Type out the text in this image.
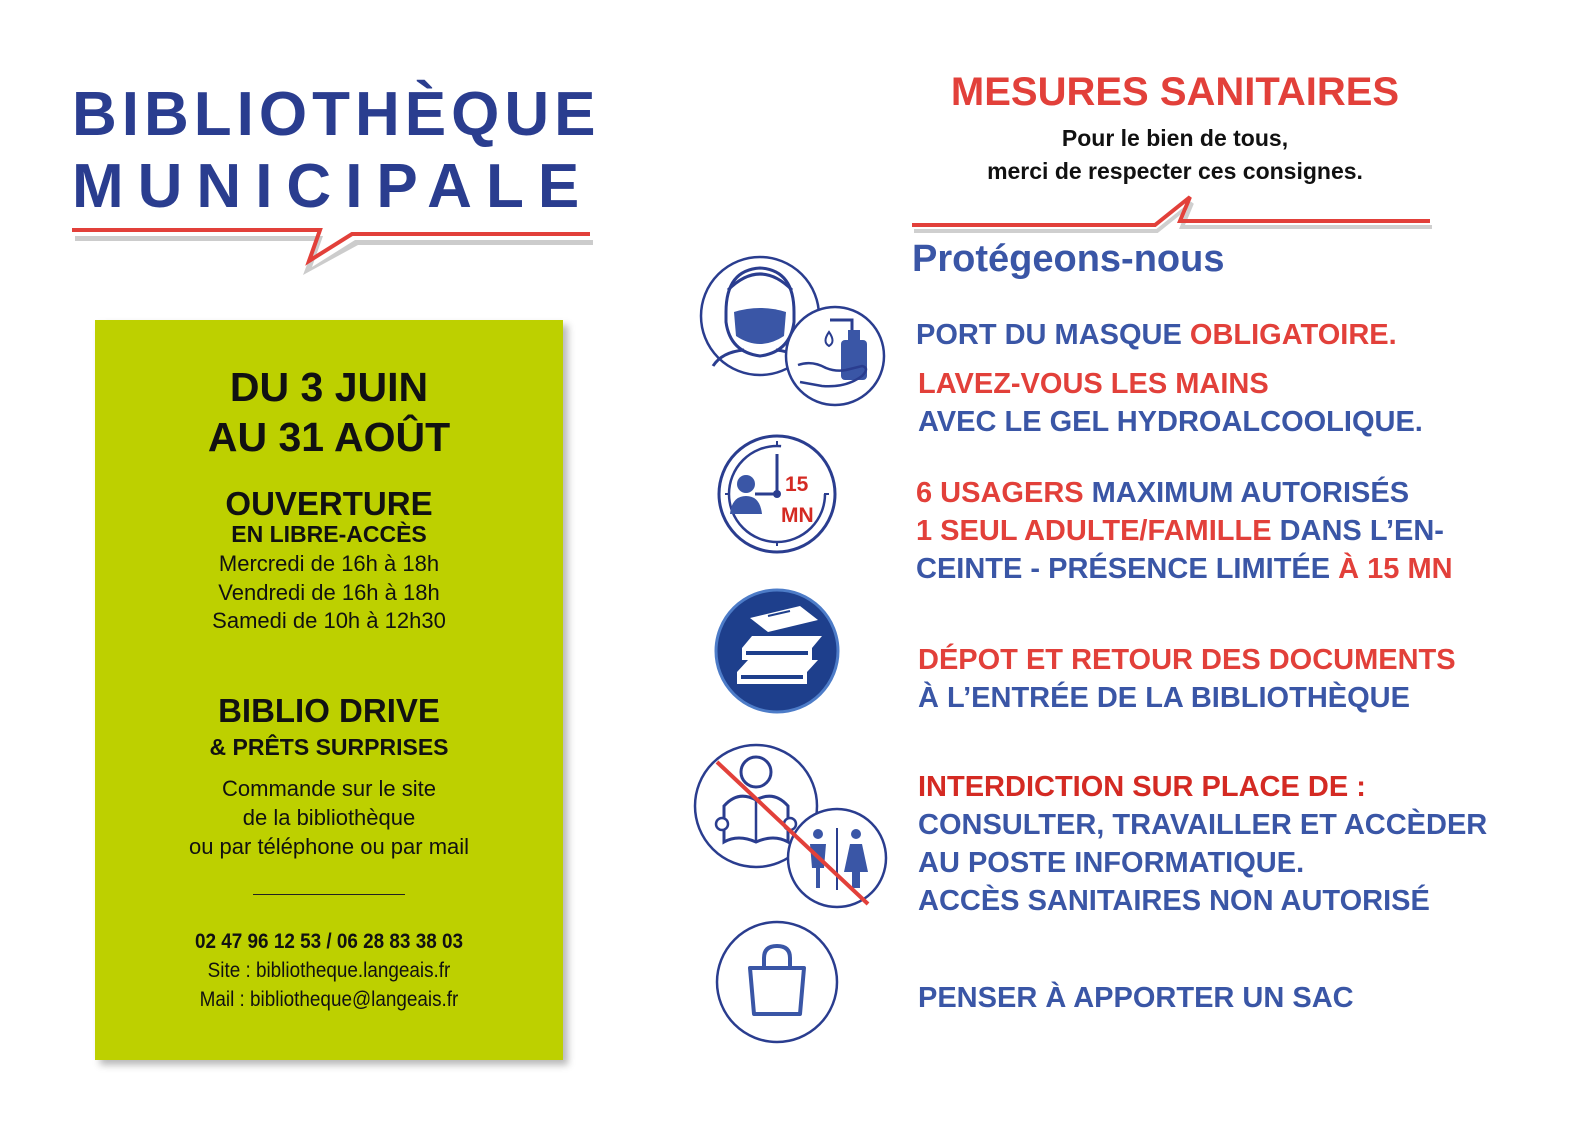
BIBLIOTHÈQUE
MUNICIPALE
DU 3 JUIN
AU 31 AOÛT
OUVERTURE
EN LIBRE-ACCÈS
Mercredi de 16h à 18h
Vendredi de 16h à 18h
Samedi de 10h à 12h30
BIBLIO DRIVE
& PRÊTS SURPRISES
Commande sur le site
de la bibliothèque
ou par téléphone ou par mail
02 47 96 12 53 / 06 28 83 38 03
Site : bibliotheque.langeais.fr
Mail : bibliotheque@langeais.fr
MESURES SANITAIRES
Pour le bien de tous,
merci de respecter ces consignes.
Protégeons-nous
15
MN
PORT DU MASQUE OBLIGATOIRE.
LAVEZ-VOUS LES MAINS
AVEC LE GEL HYDROALCOOLIQUE.
6 USAGERS MAXIMUM AUTORISÉS
1 SEUL ADULTE/FAMILLE DANS L’EN-
CEINTE - PRÉSENCE LIMITÉE À 15 MN
DÉPOT ET RETOUR DES DOCUMENTS
À L’ENTRÉE DE LA BIBLIOTHÈQUE
INTERDICTION SUR PLACE DE :
CONSULTER, TRAVAILLER ET ACCÈDER
AU POSTE INFORMATIQUE.
ACCÈS SANITAIRES NON AUTORISÉ
PENSER À APPORTER UN SAC
